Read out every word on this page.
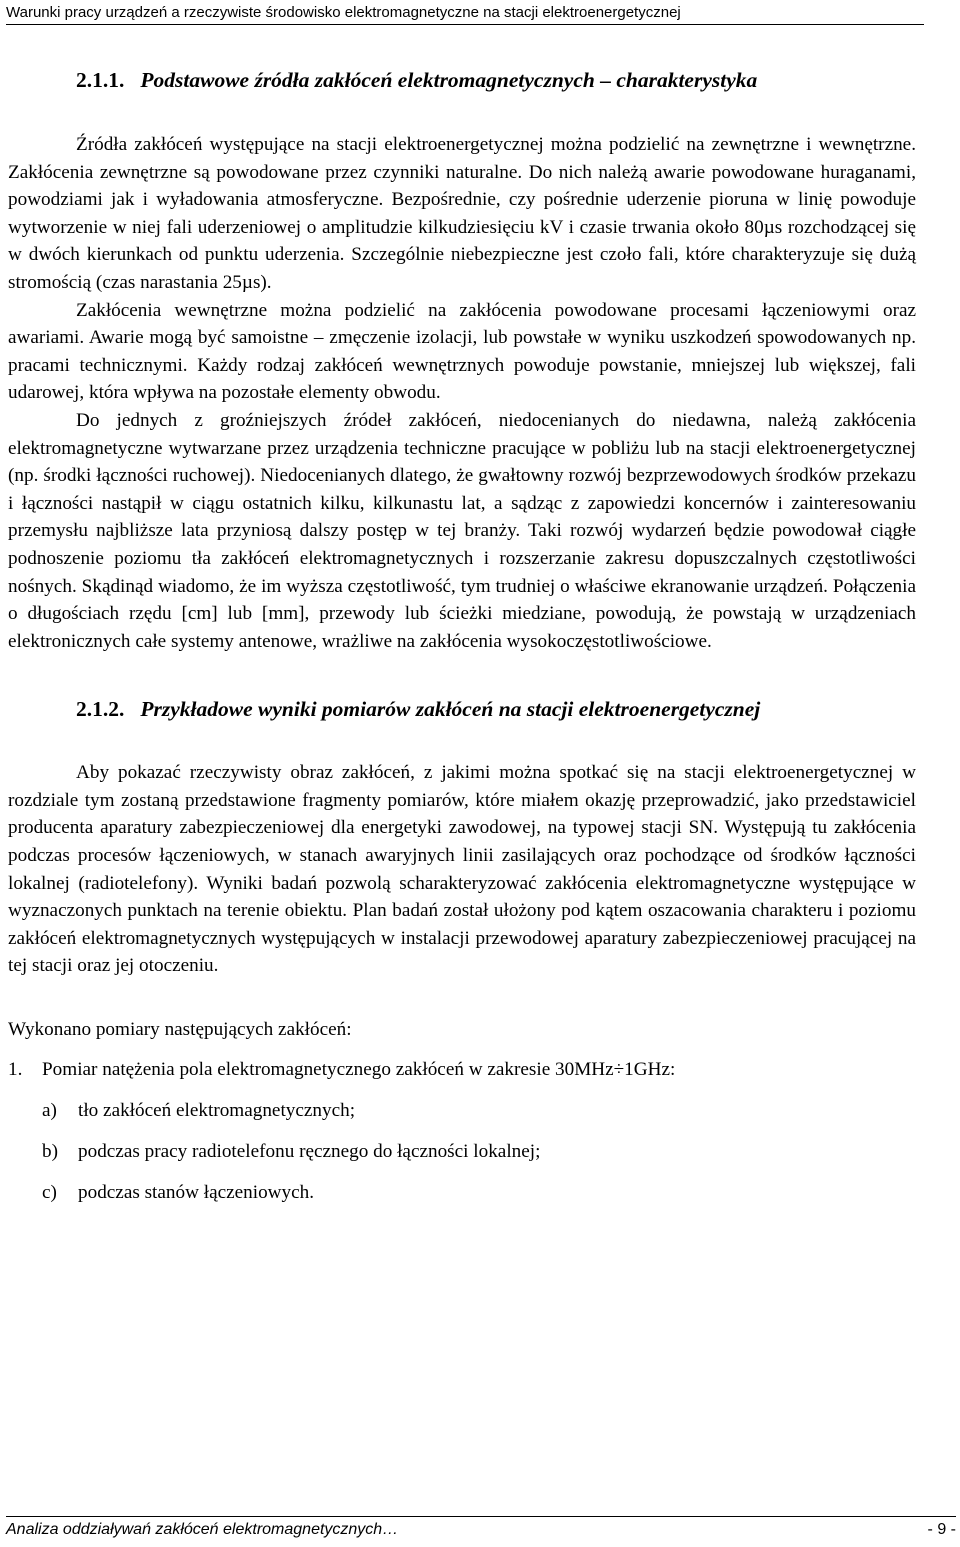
Warunki pracy urządzeń a rzeczywiste środowisko elektromagnetyczne na stacji elektroenergetycznej
2.1.1. Podstawowe źródła zakłóceń elektromagnetycznych – charakterystyka

Źródła zakłóceń występujące na stacji elektroenergetycznej można podzielić na zewnętrzne i wewnętrzne. Zakłócenia zewnętrzne są powodowane przez czynniki naturalne. Do nich należą awarie powodowane huraganami, powodziami jak i wyładowania atmosferyczne. Bezpośrednie, czy pośrednie uderzenie pioruna w linię powoduje wytworzenie w niej fali uderzeniowej o amplitudzie kilkudziesięciu kV i czasie trwania około 80µs rozchodzącej się w dwóch kierunkach od punktu uderzenia. Szczególnie niebezpieczne jest czoło fali, które charakteryzuje się dużą stromością (czas narastania 25µs).

Zakłócenia wewnętrzne można podzielić na zakłócenia powodowane procesami łączeniowymi oraz awariami. Awarie mogą być samoistne – zmęczenie izolacji, lub powstałe w wyniku uszkodzeń spowodowanych np. pracami technicznymi. Każdy rodzaj zakłóceń wewnętrznych powoduje powstanie, mniejszej lub większej, fali udarowej, która wpływa na pozostałe elementy obwodu.

Do jednych z groźniejszych źródeł zakłóceń, niedocenianych do niedawna, należą zakłócenia elektromagnetyczne wytwarzane przez urządzenia techniczne pracujące w pobliżu lub na stacji elektroenergetycznej (np. środki łączności ruchowej). Niedocenianych dlatego, że gwałtowny rozwój bezprzewodowych środków przekazu i łączności nastąpił w ciągu ostatnich kilku, kilkunastu lat, a sądząc z zapowiedzi koncernów i zainteresowaniu przemysłu najbliższe lata przyniosą dalszy postęp w tej branży. Taki rozwój wydarzeń będzie powodował ciągłe podnoszenie poziomu tła zakłóceń elektromagnetycznych i rozszerzanie zakresu dopuszczalnych częstotliwości nośnych. Skądinąd wiadomo, że im wyższa częstotliwość, tym trudniej o właściwe ekranowanie urządzeń. Połączenia o długościach rzędu [cm] lub [mm], przewody lub ścieżki miedziane, powodują, że powstają w urządzeniach elektronicznych całe systemy antenowe, wrażliwe na zakłócenia wysokoczęstotliwościowe.

2.1.2. Przykładowe wyniki pomiarów zakłóceń na stacji elektroenergetycznej

Aby pokazać rzeczywisty obraz zakłóceń, z jakimi można spotkać się na stacji elektroenergetycznej w rozdziale tym zostaną przedstawione fragmenty pomiarów, które miałem okazję przeprowadzić, jako przedstawiciel producenta aparatury zabezpieczeniowej dla energetyki zawodowej, na typowej stacji SN. Występują tu zakłócenia podczas procesów łączeniowych, w stanach awaryjnych linii zasilających oraz pochodzące od środków łączności lokalnej (radiotelefony). Wyniki badań pozwolą scharakteryzować zakłócenia elektromagnetyczne występujące w wyznaczonych punktach na terenie obiektu. Plan badań został ułożony pod kątem oszacowania charakteru i poziomu zakłóceń elektromagnetycznych występujących w instalacji przewodowej aparatury zabezpieczeniowej pracującej na tej stacji oraz jej otoczeniu.

Wykonano pomiary następujących zakłóceń:

1.	Pomiar natężenia pola elektromagnetycznego zakłóceń w zakresie 30MHz÷1GHz:
a)	tło zakłóceń elektromagnetycznych;
b)	podczas pracy radiotelefonu ręcznego do łączności lokalnej;
c)	podczas stanów łączeniowych.
Analiza oddziaływań zakłóceń elektromagnetycznych…	- 9 -
